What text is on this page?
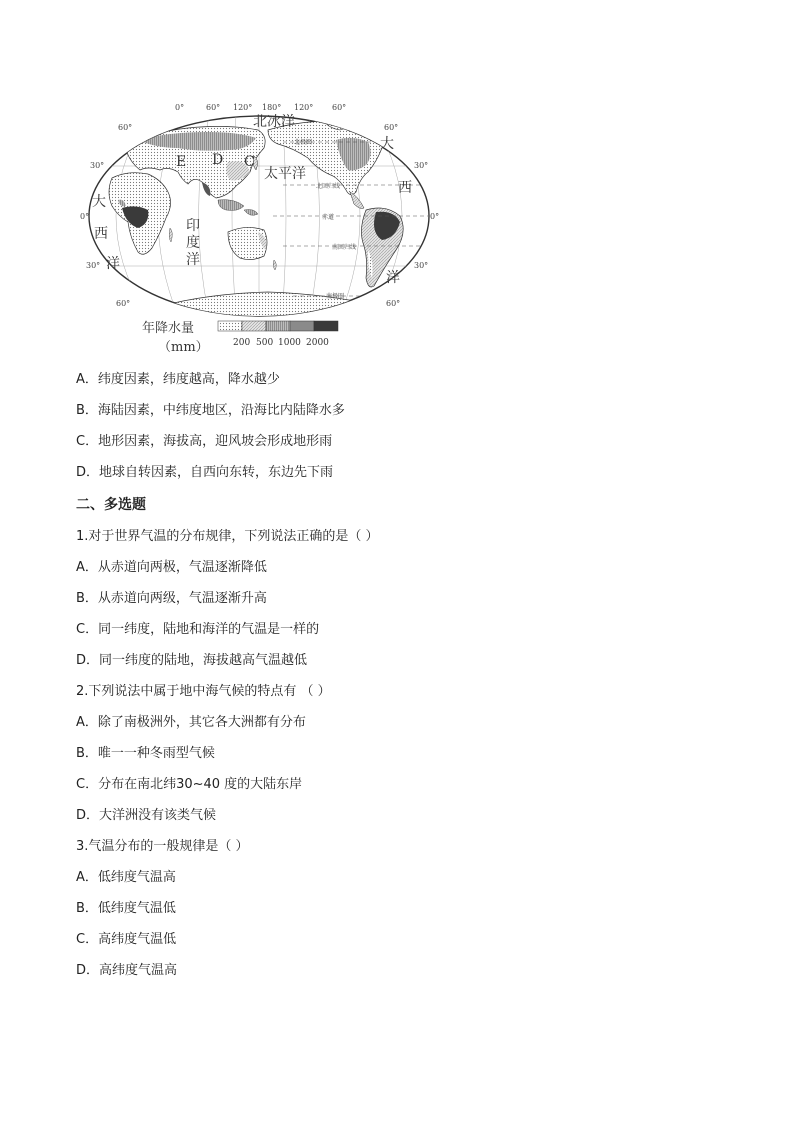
0°	60° 120° 180° 120° 60°
60°
30°
0°
30°
60°
60°
30°
0°
30°
60°
北冰洋
太平洋
印
度
洋
大
西
洋
大
西
洋
E D C
北极圈
北回归线
赤道
南回归线
南极圈
年降水量
（mm）	200 500 1000 2000
A．纬度因素，纬度越高，降水越少
B．海陆因素，中纬度地区，沿海比内陆降水多
C．地形因素，海拔高，迎风坡会形成地形雨
D．地球自转因素，自西向东转，东边先下雨
二、多选题
1.对于世界气温的分布规律，下列说法正确的是（ ）
A．从赤道向两极，气温逐渐降低
B．从赤道向两级，气温逐渐升高
C．同一纬度，陆地和海洋的气温是一样的
D．同一纬度的陆地，海拔越高气温越低
2.下列说法中属于地中海气候的特点有 （ ）
A．除了南极洲外，其它各大洲都有分布
B．唯一一种冬雨型气候
C．分布在南北纬30~40 度的大陆东岸
D．大洋洲没有该类气候
3.气温分布的一般规律是（ ）
A．低纬度气温高
B．低纬度气温低
C．高纬度气温低
D．高纬度气温高
